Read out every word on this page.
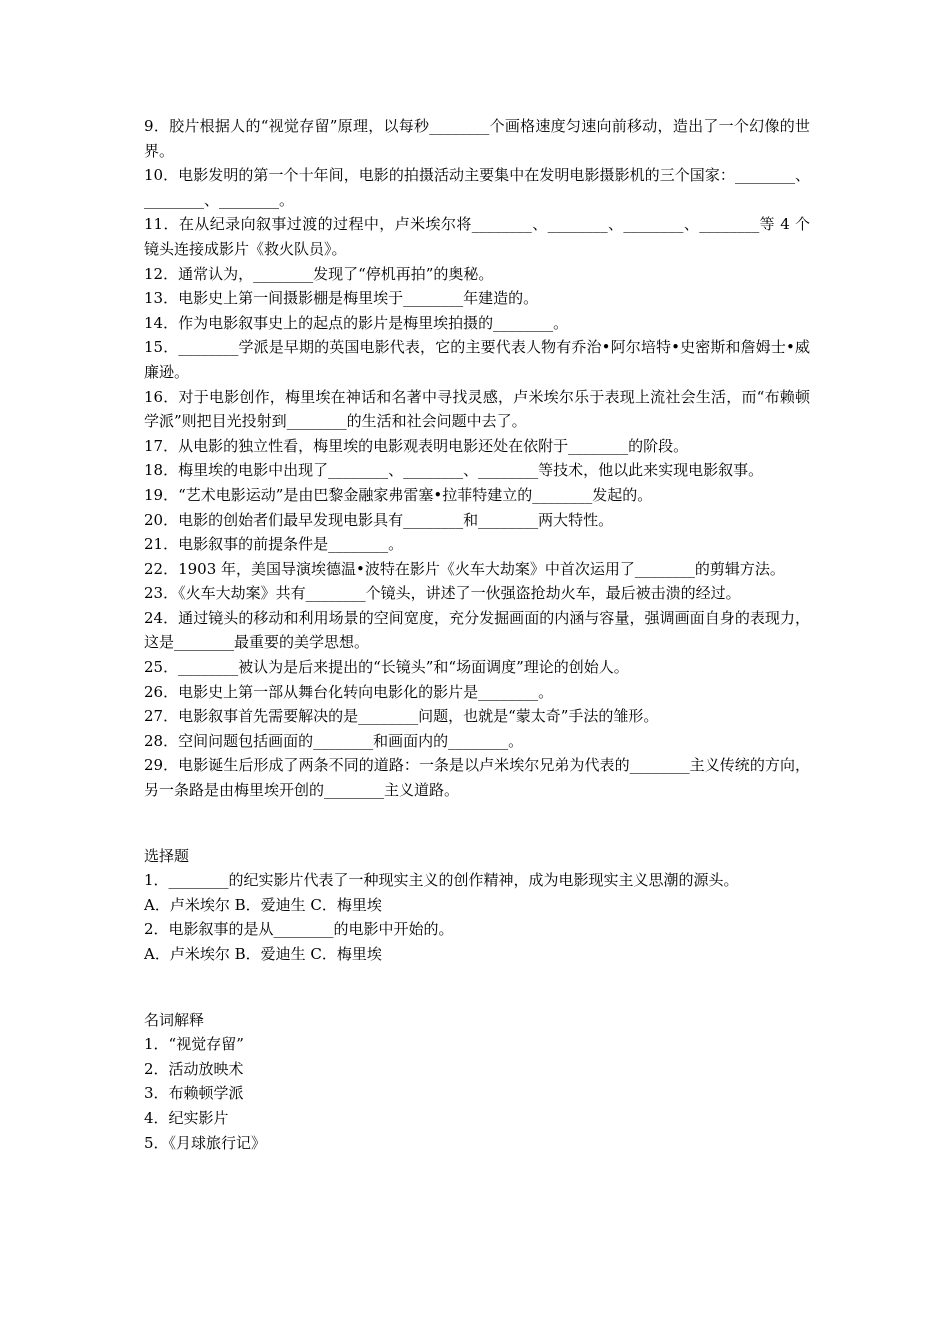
9．胶片根据人的“视觉存留”原理，以每秒________个画格速度匀速向前移动，造出了一个幻像的世界。

10．电影发明的第一个十年间，电影的拍摄活动主要集中在发明电影摄影机的三个国家：________、________、________。

11．在从纪录向叙事过渡的过程中，卢米埃尔将________、________、________、________等 4 个镜头连接成影片《救火队员》。

12．通常认为，________发现了“停机再拍”的奥秘。

13．电影史上第一间摄影棚是梅里埃于________年建造的。

14．作为电影叙事史上的起点的影片是梅里埃拍摄的________。

15．________学派是早期的英国电影代表，它的主要代表人物有乔治•阿尔培特•史密斯和詹姆士•威廉逊。

16．对于电影创作，梅里埃在神话和名著中寻找灵感，卢米埃尔乐于表现上流社会生活，而“布赖顿学派”则把目光投射到________的生活和社会问题中去了。

17．从电影的独立性看，梅里埃的电影观表明电影还处在依附于________的阶段。

18．梅里埃的电影中出现了________、________、________等技术，他以此来实现电影叙事。

19．“艺术电影运动”是由巴黎金融家弗雷塞•拉菲特建立的________发起的。

20．电影的创始者们最早发现电影具有________和________两大特性。

21．电影叙事的前提条件是________。

22．1903 年，美国导演埃德温•波特在影片《火车大劫案》中首次运用了________的剪辑方法。

23．《火车大劫案》共有________个镜头，讲述了一伙强盗抢劫火车，最后被击溃的经过。

24．通过镜头的移动和利用场景的空间宽度，充分发掘画面的内涵与容量，强调画面自身的表现力，这是________最重要的美学思想。

25．________被认为是后来提出的“长镜头”和“场面调度”理论的创始人。

26．电影史上第一部从舞台化转向电影化的影片是________。

27．电影叙事首先需要解决的是________问题，也就是“蒙太奇”手法的雏形。

28．空间问题包括画面的________和画面内的________。

29．电影诞生后形成了两条不同的道路：一条是以卢米埃尔兄弟为代表的________主义传统的方向，另一条路是由梅里埃开创的________主义道路。

选择题

1．________的纪实影片代表了一种现实主义的创作精神，成为电影现实主义思潮的源头。

A．卢米埃尔 B．爱迪生 C．梅里埃

2．电影叙事的是从________的电影中开始的。

A．卢米埃尔 B．爱迪生 C．梅里埃

名词解释

1．“视觉存留”

2．活动放映术

3．布赖顿学派

4．纪实影片

5．《月球旅行记》
